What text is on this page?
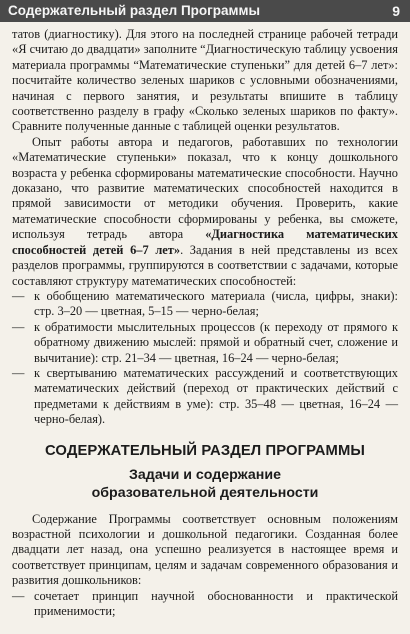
Содержательный раздел Программы	9

татов (диагностику). Для этого на последней странице рабочей тетради «Я считаю до двадцати» заполните “Диагностическую таблицу усвоения материала программы “Математические ступеньки” для детей 6–7 лет»: посчитайте количество зеленых шариков с условными обозначениями, начиная с первого занятия, и результаты впишите в таблицу соответственно разделу в графу «Сколько зеленых шариков по факту». Сравните полученные данные с таблицей оценки результатов.

Опыт работы автора и педагогов, работавших по технологии «Математические ступеньки» показал, что к концу дошкольного возраста у ребенка сформированы математические способности. Научно доказано, что развитие математических способностей находится в прямой зависимости от методики обучения. Проверить, какие математические способности сформированы у ребенка, вы сможете, используя тетрадь автора «Диагностика математических способностей детей 6–7 лет». Задания в ней представлены из всех разделов программы, группируются в соответствии с задачами, которые составляют структуру математических способностей:

— к обобщению математического материала (числа, цифры, знаки): стр. 3–20 — цветная, 5–15 — черно-белая;
— к обратимости мыслительных процессов (к переходу от прямого к обратному движению мыслей: прямой и обратный счет, сложение и вычитание): стр. 21–34 — цветная, 16–24 — черно-белая;
— к свертыванию математических рассуждений и соответствующих математических действий (переход от практических действий с предметами к действиям в уме): стр. 35–48 — цветная, 16–24 — черно-белая).
СОДЕРЖАТЕЛЬНЫЙ РАЗДЕЛ ПРОГРАММЫ
Задачи и содержание
образовательной деятельности

Содержание Программы соответствует основным положениям возрастной психологии и дошкольной педагогики. Созданная более двадцати лет назад, она успешно реализуется в настоящее время и соответствует принципам, целям и задачам современного образования и развития дошкольников:

— сочетает принцип научной обоснованности и практической применимости;
